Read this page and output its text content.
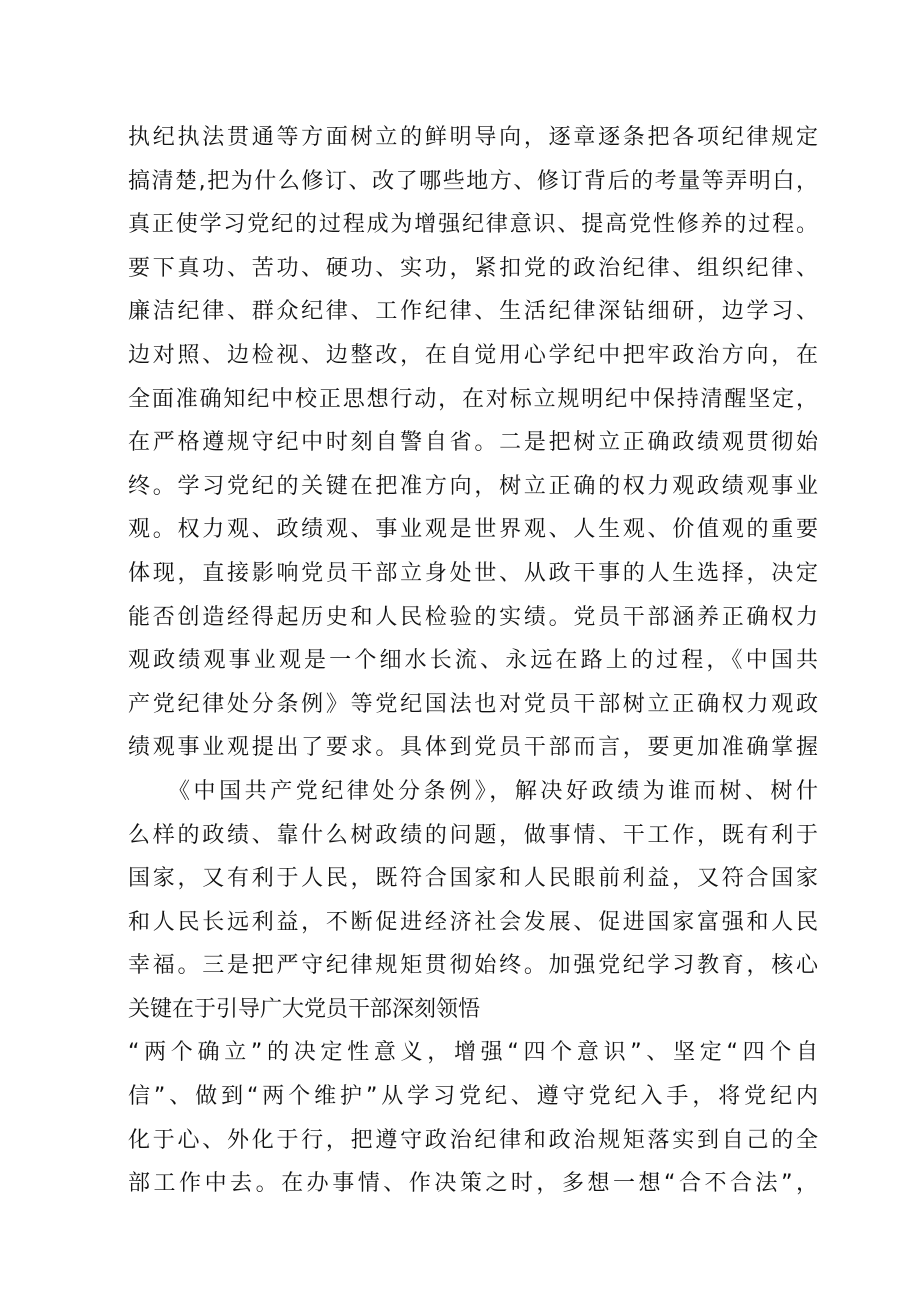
执纪执法贯通等方面树立的鲜明导向，逐章逐条把各项纪律规定
搞清楚,把为什么修订、改了哪些地方、修订背后的考量等弄明白，
真正使学习党纪的过程成为增强纪律意识、提高党性修养的过程。
要下真功、苦功、硬功、实功，紧扣党的政治纪律、组织纪律、
廉洁纪律、群众纪律、工作纪律、生活纪律深钻细研，边学习、
边对照、边检视、边整改，在自觉用心学纪中把牢政治方向，在
全面准确知纪中校正思想行动，在对标立规明纪中保持清醒坚定，
在严格遵规守纪中时刻自警自省。二是把树立正确政绩观贯彻始
终。学习党纪的关键在把准方向，树立正确的权力观政绩观事业
观。权力观、政绩观、事业观是世界观、人生观、价值观的重要
体现，直接影响党员干部立身处世、从政干事的人生选择，决定
能否创造经得起历史和人民检验的实绩。党员干部涵养正确权力
观政绩观事业观是一个细水长流、永远在路上的过程，《中国共
产党纪律处分条例》等党纪国法也对党员干部树立正确权力观政
绩观事业观提出了要求。具体到党员干部而言，要更加准确掌握
《中国共产党纪律处分条例》，解决好政绩为谁而树、树什
么样的政绩、靠什么树政绩的问题，做事情、干工作，既有利于
国家，又有利于人民，既符合国家和人民眼前利益，又符合国家
和人民长远利益，不断促进经济社会发展、促进国家富强和人民
幸福。三是把严守纪律规矩贯彻始终。加强党纪学习教育，核心
关键在于引导广大党员干部深刻领悟
“两个确立”的决定性意义，增强“四个意识”、坚定“四个自
信”、做到“两个维护”从学习党纪、遵守党纪入手，将党纪内
化于心、外化于行，把遵守政治纪律和政治规矩落实到自己的全
部工作中去。在办事情、作决策之时，多想一想“合不合法”，
